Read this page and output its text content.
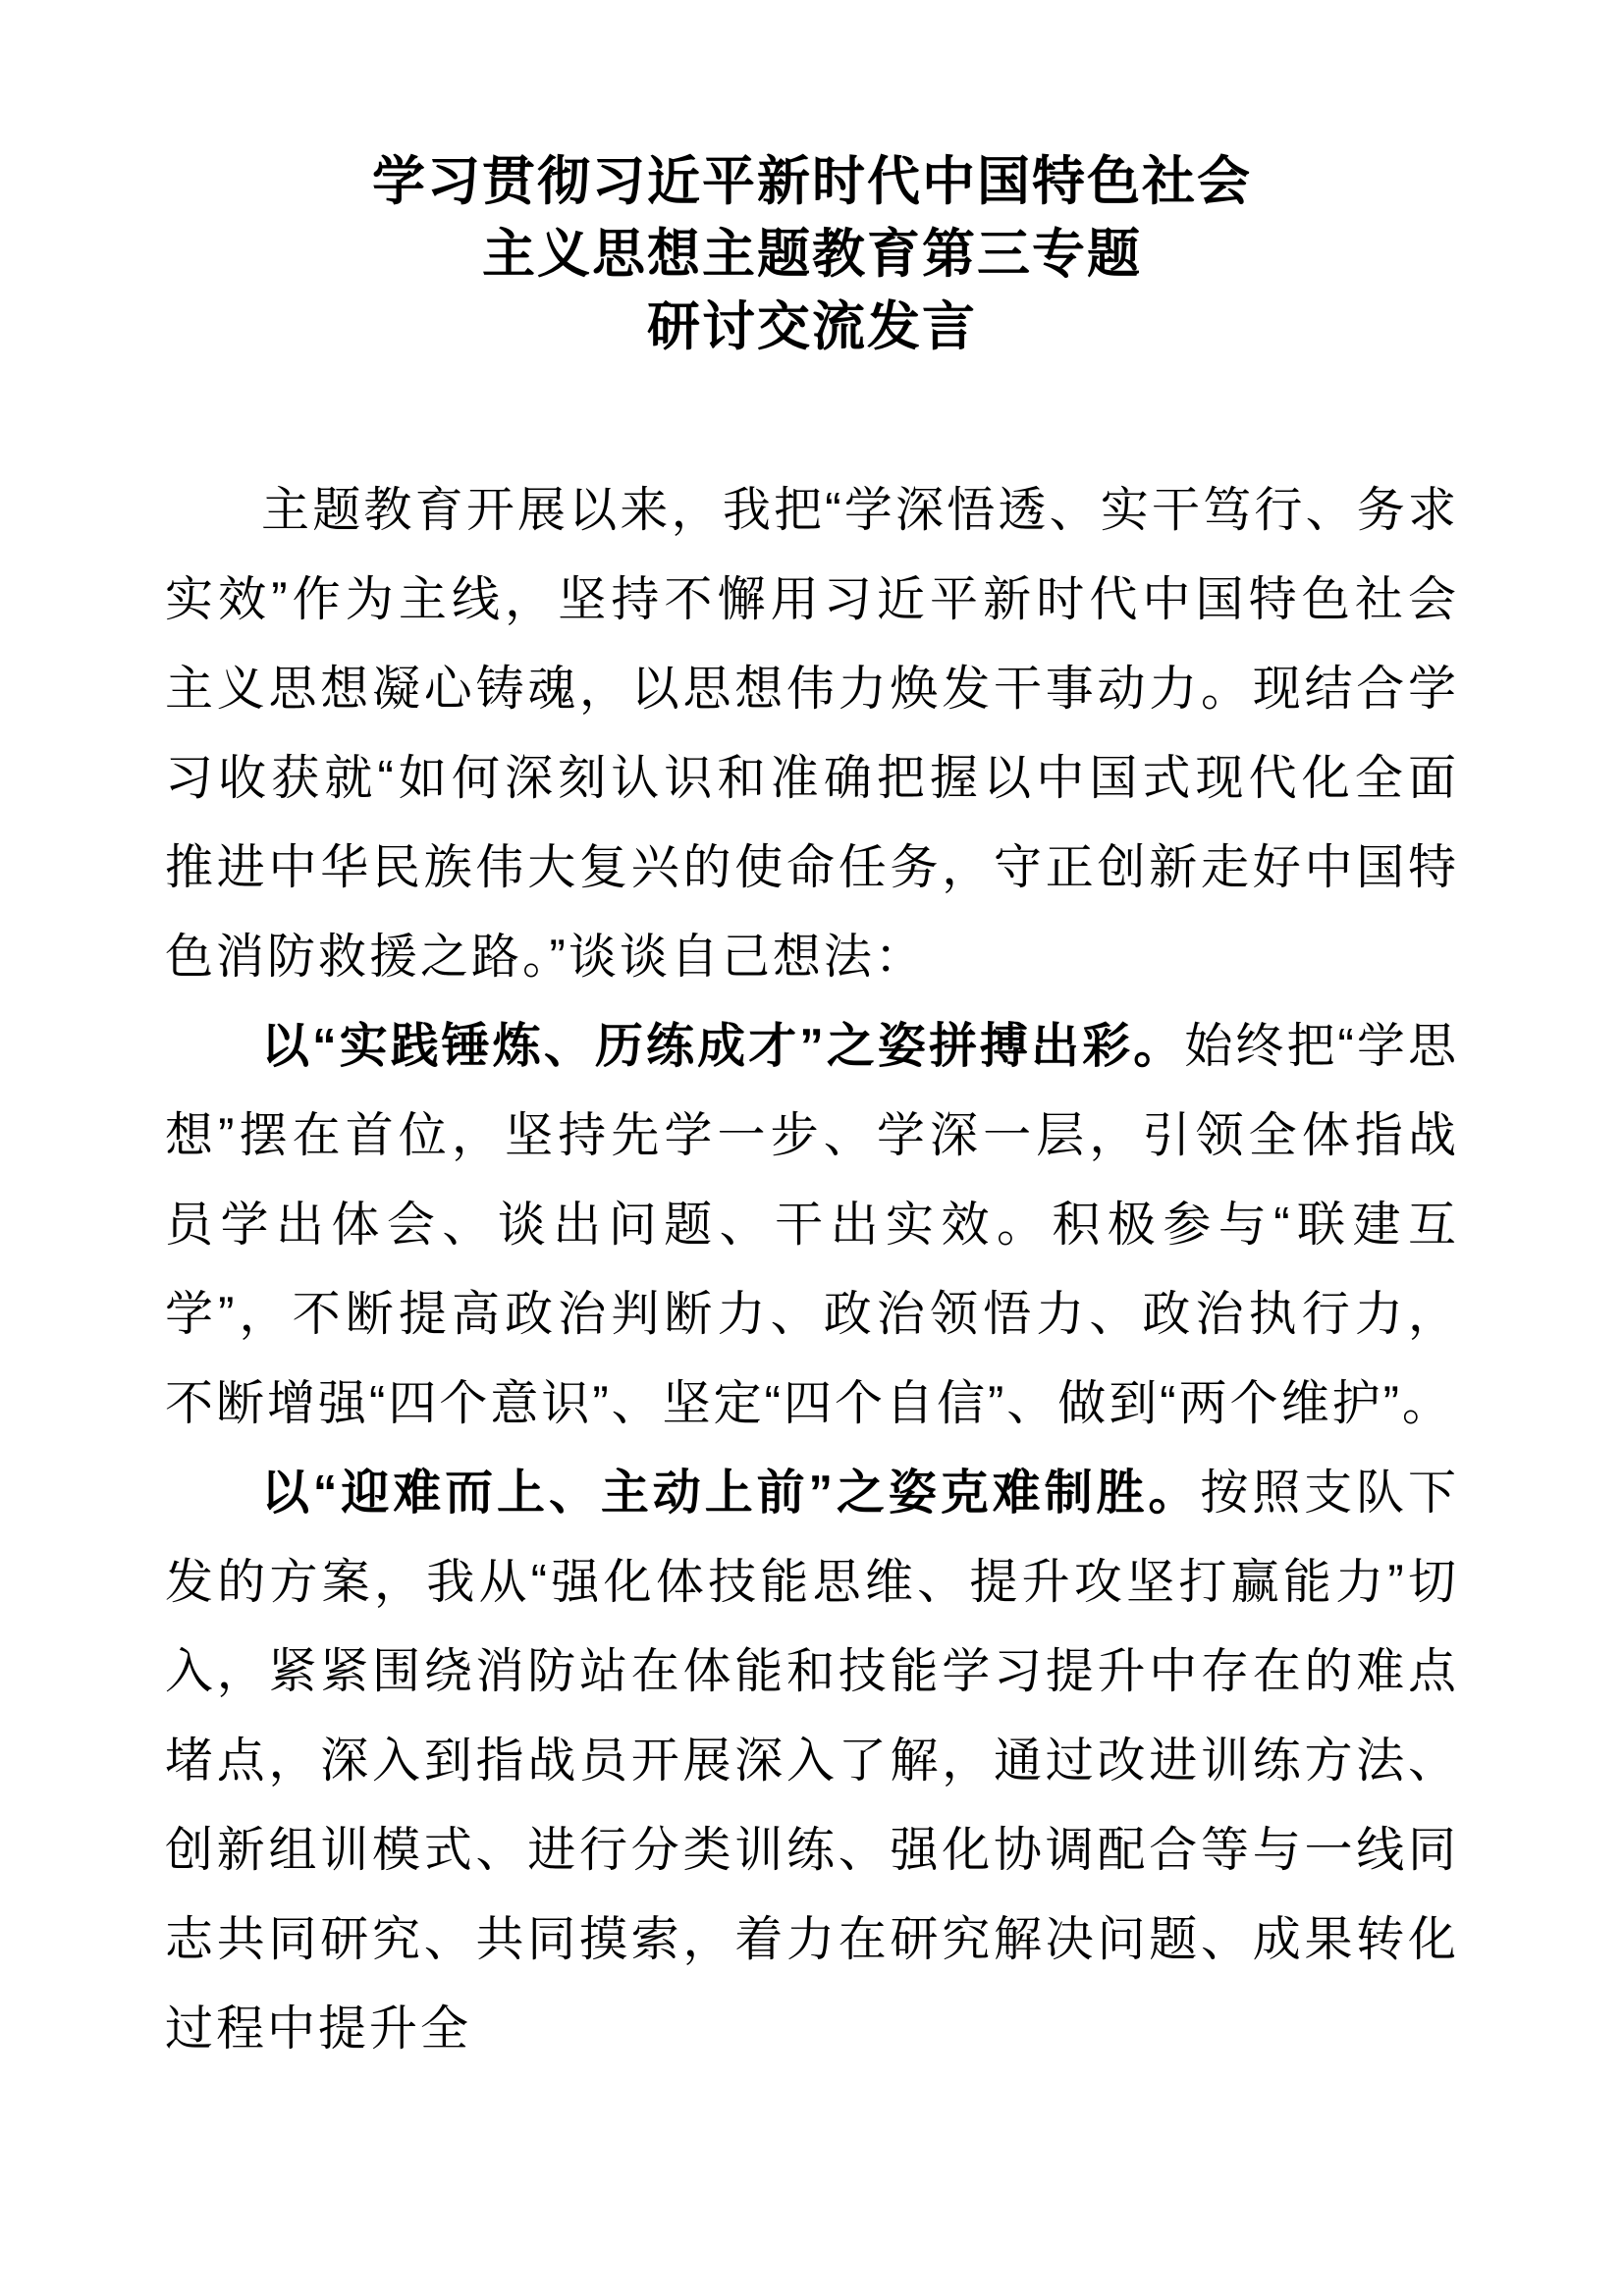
学习贯彻习近平新时代中国特色社会
主义思想主题教育第三专题
研讨交流发言

主题教育开展以来，我把“学深悟透、实干笃行、务求实效”作为主线，坚持不懈用习近平新时代中国特色社会主义思想凝心铸魂，以思想伟力焕发干事动力。现结合学习收获就“如何深刻认识和准确把握以中国式现代化全面推进中华民族伟大复兴的使命任务，守正创新走好中国特色消防救援之路。”谈谈自己想法：

以“实践锤炼、历练成才”之姿拼搏出彩。始终把“学思想”摆在首位，坚持先学一步、学深一层，引领全体指战员学出体会、谈出问题、干出实效。积极参与“联建互学”，不断提高政治判断力、政治领悟力、政治执行力，不断增强“四个意识”、坚定“四个自信”、做到“两个维护”。

以“迎难而上、主动上前”之姿克难制胜。按照支队下发的方案，我从“强化体技能思维、提升攻坚打赢能力”切入，紧紧围绕消防站在体能和技能学习提升中存在的难点堵点，深入到指战员开展深入了解，通过改进训练方法、创新组训模式、进行分类训练、强化协调配合等与一线同志共同研究、共同摸索，着力在研究解决问题、成果转化过程中提升全
